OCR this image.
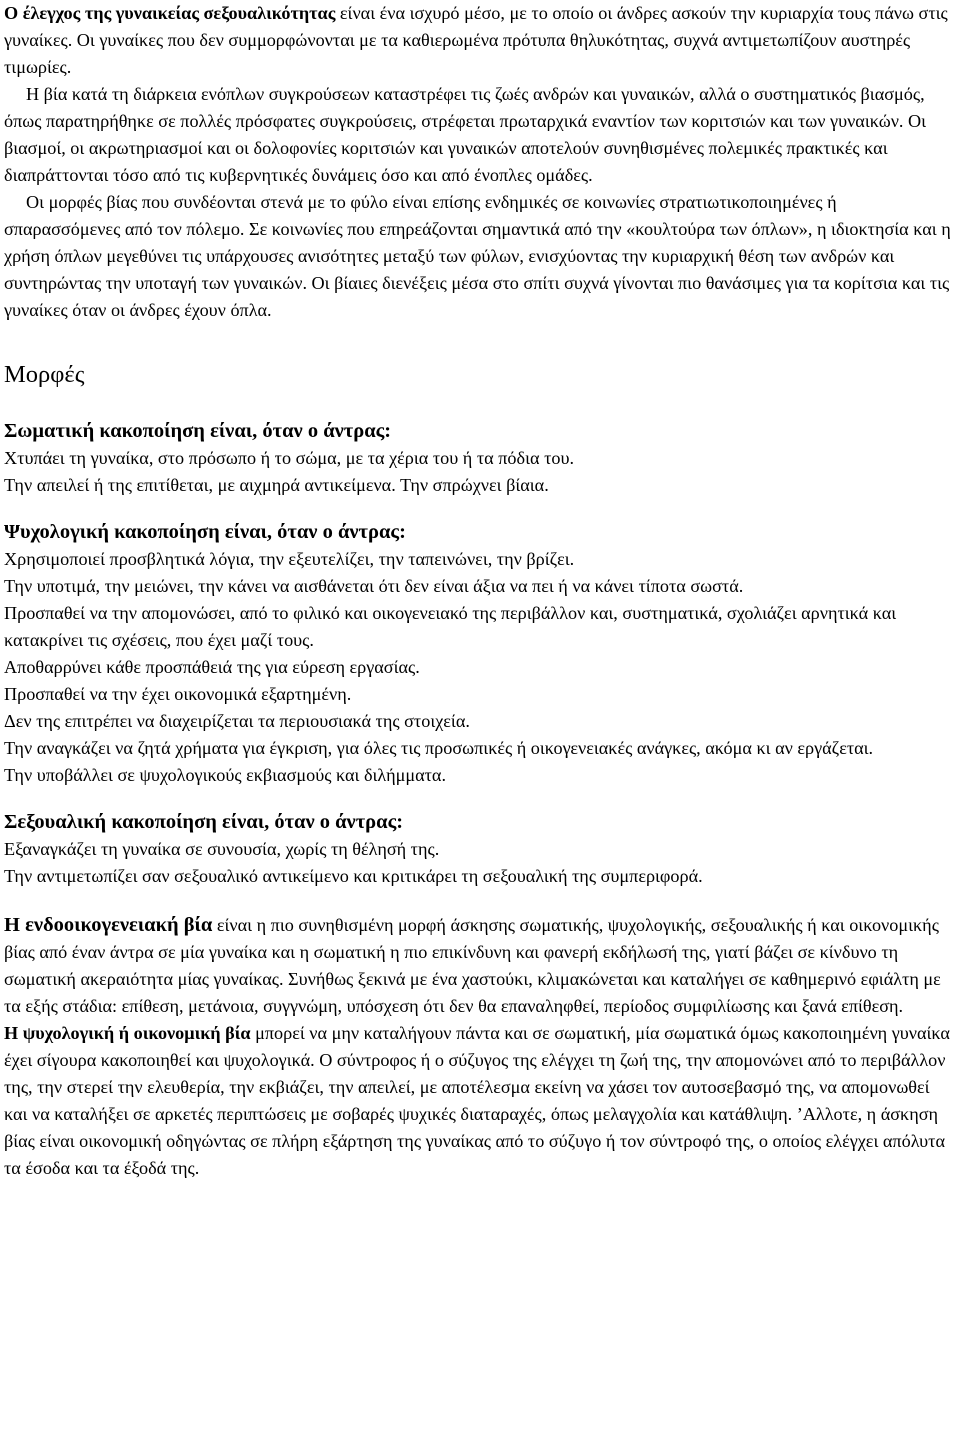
Ο έλεγχος της γυναικείας σεξουαλικότητας είναι ένα ισχυρό μέσο, με το οποίο οι άνδρες ασκούν την κυριαρχία τους πάνω στις γυναίκες. Οι γυναίκες που δεν συμμορφώνονται με τα καθιερωμένα πρότυπα θηλυκότητας, συχνά αντιμετωπίζουν αυστηρές τιμωρίες.

Η βία κατά τη διάρκεια ενόπλων συγκρούσεων καταστρέφει τις ζωές ανδρών και γυναικών, αλλά ο συστηματικός βιασμός, όπως παρατηρήθηκε σε πολλές πρόσφατες συγκρούσεις, στρέφεται πρωταρχικά εναντίον των κοριτσιών και των γυναικών. Οι βιασμοί, οι ακρωτηριασμοί και οι δολοφονίες κοριτσιών και γυναικών αποτελούν συνηθισμένες πολεμικές πρακτικές και διαπράττονται τόσο από τις κυβερνητικές δυνάμεις όσο και από ένοπλες ομάδες.

Οι μορφές βίας που συνδέονται στενά με το φύλο είναι επίσης ενδημικές σε κοινωνίες στρατιωτικοποιημένες ή σπαρασσόμενες από τον πόλεμο. Σε κοινωνίες που επηρεάζονται σημαντικά από την «κουλτούρα των όπλων», η ιδιοκτησία και η χρήση όπλων μεγεθύνει τις υπάρχουσες ανισότητες μεταξύ των φύλων, ενισχύοντας την κυριαρχική θέση των ανδρών και συντηρώντας την υποταγή των γυναικών. Οι βίαιες διενέξεις μέσα στο σπίτι συχνά γίνονται πιο θανάσιμες για τα κορίτσια και τις γυναίκες όταν οι άνδρες έχουν όπλα.

Μορφές

Σωματική κακοποίηση είναι, όταν ο άντρας:

Χτυπάει τη γυναίκα, στο πρόσωπο ή το σώμα, με τα χέρια του ή τα πόδια του.

Την απειλεί ή της επιτίθεται, με αιχμηρά αντικείμενα. Την σπρώχνει βίαια.

Ψυχολογική κακοποίηση είναι, όταν ο άντρας:

Χρησιμοποιεί προσβλητικά λόγια, την εξευτελίζει, την ταπεινώνει, την βρίζει.

Την υποτιμά, την μειώνει, την κάνει να αισθάνεται ότι δεν είναι άξια να πει ή να κάνει τίποτα σωστά.

Προσπαθεί να την απομονώσει, από το φιλικό και οικογενειακό της περιβάλλον και, συστηματικά, σχολιάζει αρνητικά και κατακρίνει τις σχέσεις, που έχει μαζί τους.

Αποθαρρύνει κάθε προσπάθειά της για εύρεση εργασίας.

Προσπαθεί να την έχει οικονομικά εξαρτημένη.

Δεν της επιτρέπει να διαχειρίζεται τα περιουσιακά της στοιχεία.

Την αναγκάζει να ζητά χρήματα για έγκριση, για όλες τις προσωπικές ή οικογενειακές ανάγκες, ακόμα κι αν εργάζεται.

Την υποβάλλει σε ψυχολογικούς εκβιασμούς και διλήμματα.

Σεξουαλική κακοποίηση είναι, όταν ο άντρας:

Εξαναγκάζει τη γυναίκα σε συνουσία, χωρίς τη θέλησή της.

Την αντιμετωπίζει σαν σεξουαλικό αντικείμενο και κριτικάρει τη σεξουαλική της συμπεριφορά.

Η ενδοοικογενειακή βία είναι η πιο συνηθισμένη μορφή άσκησης σωματικής, ψυχολογικής, σεξουαλικής ή και οικονομικής βίας από έναν άντρα σε μία γυναίκα και η σωματική η πιο επικίνδυνη και φανερή εκδήλωσή της, γιατί βάζει σε κίνδυνο τη σωματική ακεραιότητα μίας γυναίκας. Συνήθως ξεκινά με ένα χαστούκι, κλιμακώνεται και καταλήγει σε καθημερινό εφιάλτη με τα εξής στάδια: επίθεση, μετάνοια, συγγνώμη, υπόσχεση ότι δεν θα επαναληφθεί, περίοδος συμφιλίωσης και ξανά επίθεση.

Η ψυχολογική ή οικονομική βία μπορεί να μην καταλήγουν πάντα και σε σωματική, μία σωματικά όμως κακοποιημένη γυναίκα έχει σίγουρα κακοποιηθεί και ψυχολογικά. Ο σύντροφος ή ο σύζυγος της ελέγχει τη ζωή της, την απομονώνει από το περιβάλλον της, την στερεί την ελευθερία, την εκβιάζει, την απειλεί, με αποτέλεσμα εκείνη να χάσει τον αυτοσεβασμό της, να απομονωθεί και να καταλήξει σε αρκετές περιπτώσεις με σοβαρές ψυχικές διαταραχές, όπως μελαγχολία και κατάθλιψη. ’Αλλοτε, η άσκηση βίας είναι οικονομική οδηγώντας σε πλήρη εξάρτηση της γυναίκας από το σύζυγο ή τον σύντροφό της, ο οποίος ελέγχει απόλυτα τα έσοδα και τα έξοδά της.
